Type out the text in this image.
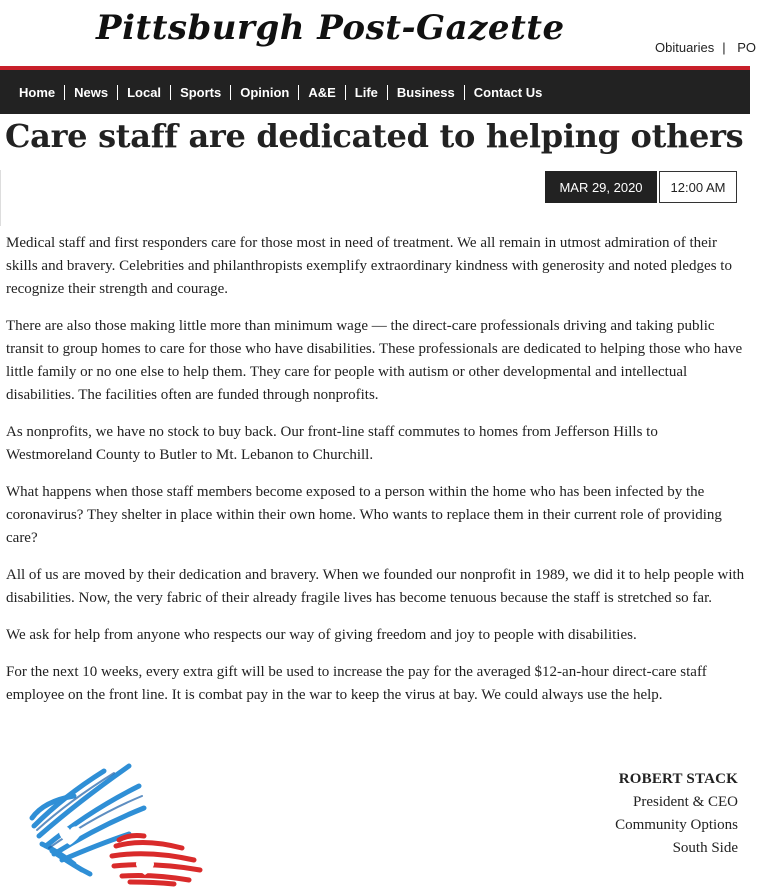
Pittsburgh Post-Gazette	Obituaries | PO
Home	News	Local	Sports	Opinion	A&E	Life	Business	Contact Us
Care staff are dedicated to helping others
MAR 29, 2020	12:00 AM

Medical staff and first responders care for those most in need of treatment. We all remain in utmost admiration of their skills and bravery. Celebrities and philanthropists exemplify extraordinary kindness with generosity and noted pledges to recognize their strength and courage.

There are also those making little more than minimum wage — the direct-care professionals driving and taking public transit to group homes to care for those who have disabilities. These professionals are dedicated to helping those who have little family or no one else to help them. They care for people with autism or other developmental and intellectual disabilities. The facilities often are funded through nonprofits.

As nonprofits, we have no stock to buy back. Our front-line staff commutes to homes from Jefferson Hills to Westmoreland County to Butler to Mt. Lebanon to Churchill.

What happens when those staff members become exposed to a person within the home who has been infected by the coronavirus? They shelter in place within their own home. Who wants to replace them in their current role of providing care?

All of us are moved by their dedication and bravery. When we founded our nonprofit in 1989, we did it to help people with disabilities. Now, the very fabric of their already fragile lives has become tenuous because the staff is stretched so far.

We ask for help from anyone who respects our way of giving freedom and joy to people with disabilities.

For the next 10 weeks, every extra gift will be used to increase the pay for the averaged $12-an-hour direct-care staff employee on the front line. It is combat pay in the war to keep the virus at bay. We could always use the help.

ROBERT STACK
President & CEO
Community Options
South Side
